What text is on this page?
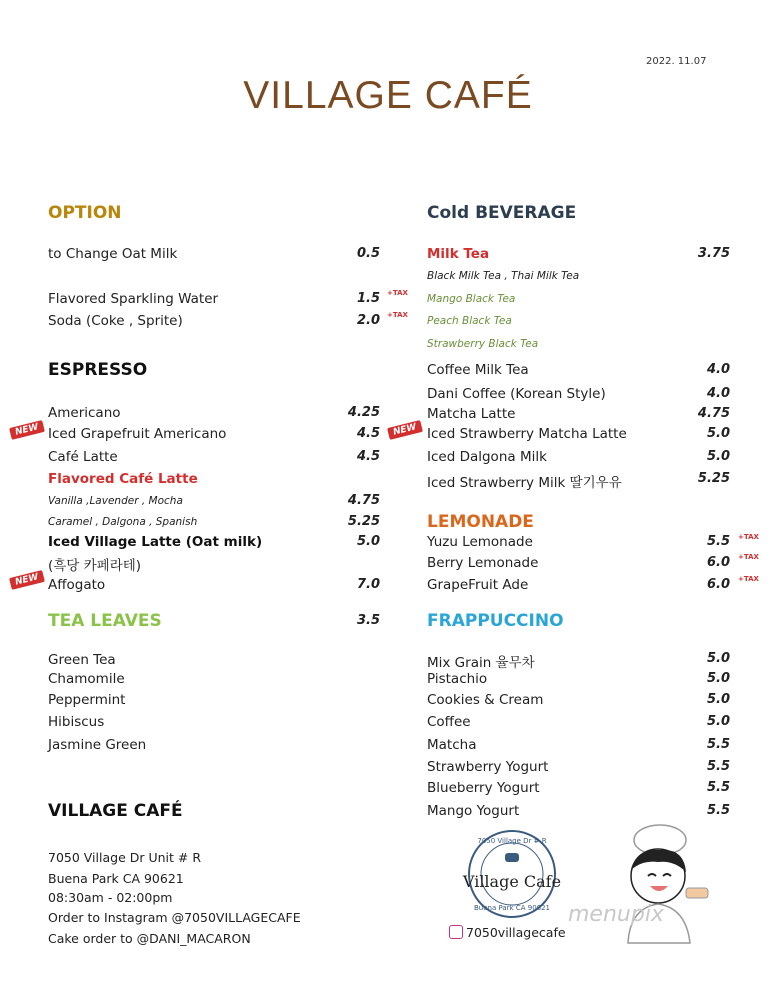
2022. 11.07
VILLAGE CAFÉ
OPTION
to Change Oat Milk	0.5
Flavored Sparkling Water	1.5 +TAX
Soda (Coke , Sprite)	2.0 +TAX
ESPRESSO
Americano	4.25
NEW Iced Grapefruit Americano	4.5
Café Latte	4.5
Flavored Café Latte
Vanilla ,Lavender , Mocha	4.75
Caramel , Dalgona , Spanish	5.25
Iced Village Latte (Oat milk)	5.0
(흑당 카페라테)
NEW Affogato	7.0
TEA LEAVES	3.5
Green Tea
Chamomile
Peppermint
Hibiscus
Jasmine Green
VILLAGE CAFÉ
7050 Village Dr Unit # R
Buena Park CA 90621
08:30am - 02:00pm
Order to Instagram @7050VILLAGECAFE
Cake order to @DANI_MACARON
Cold BEVERAGE
Milk Tea	3.75
Black Milk Tea , Thai Milk Tea
Mango Black Tea
Peach Black Tea
Strawberry Black Tea
Coffee Milk Tea	4.0
Dani Coffee (Korean Style)	4.0
Matcha Latte	4.75
NEW Iced Strawberry Matcha Latte	5.0
Iced Dalgona Milk	5.0
Iced Strawberry Milk 딸기우유	5.25
LEMONADE
Yuzu Lemonade	5.5 +TAX
Berry Lemonade	6.0 +TAX
GrapeFruit Ade	6.0 +TAX
FRAPPUCCINO
Mix Grain 율무차	5.0
Pistachio	5.0
Cookies & Cream	5.0
Coffee	5.0
Matcha	5.5
Strawberry Yogurt	5.5
Blueberry Yogurt	5.5
Mango Yogurt	5.5
Village Cafe
7050 Village Dr # R
Buena Park CA 90621
7050villagecafe
menupix
